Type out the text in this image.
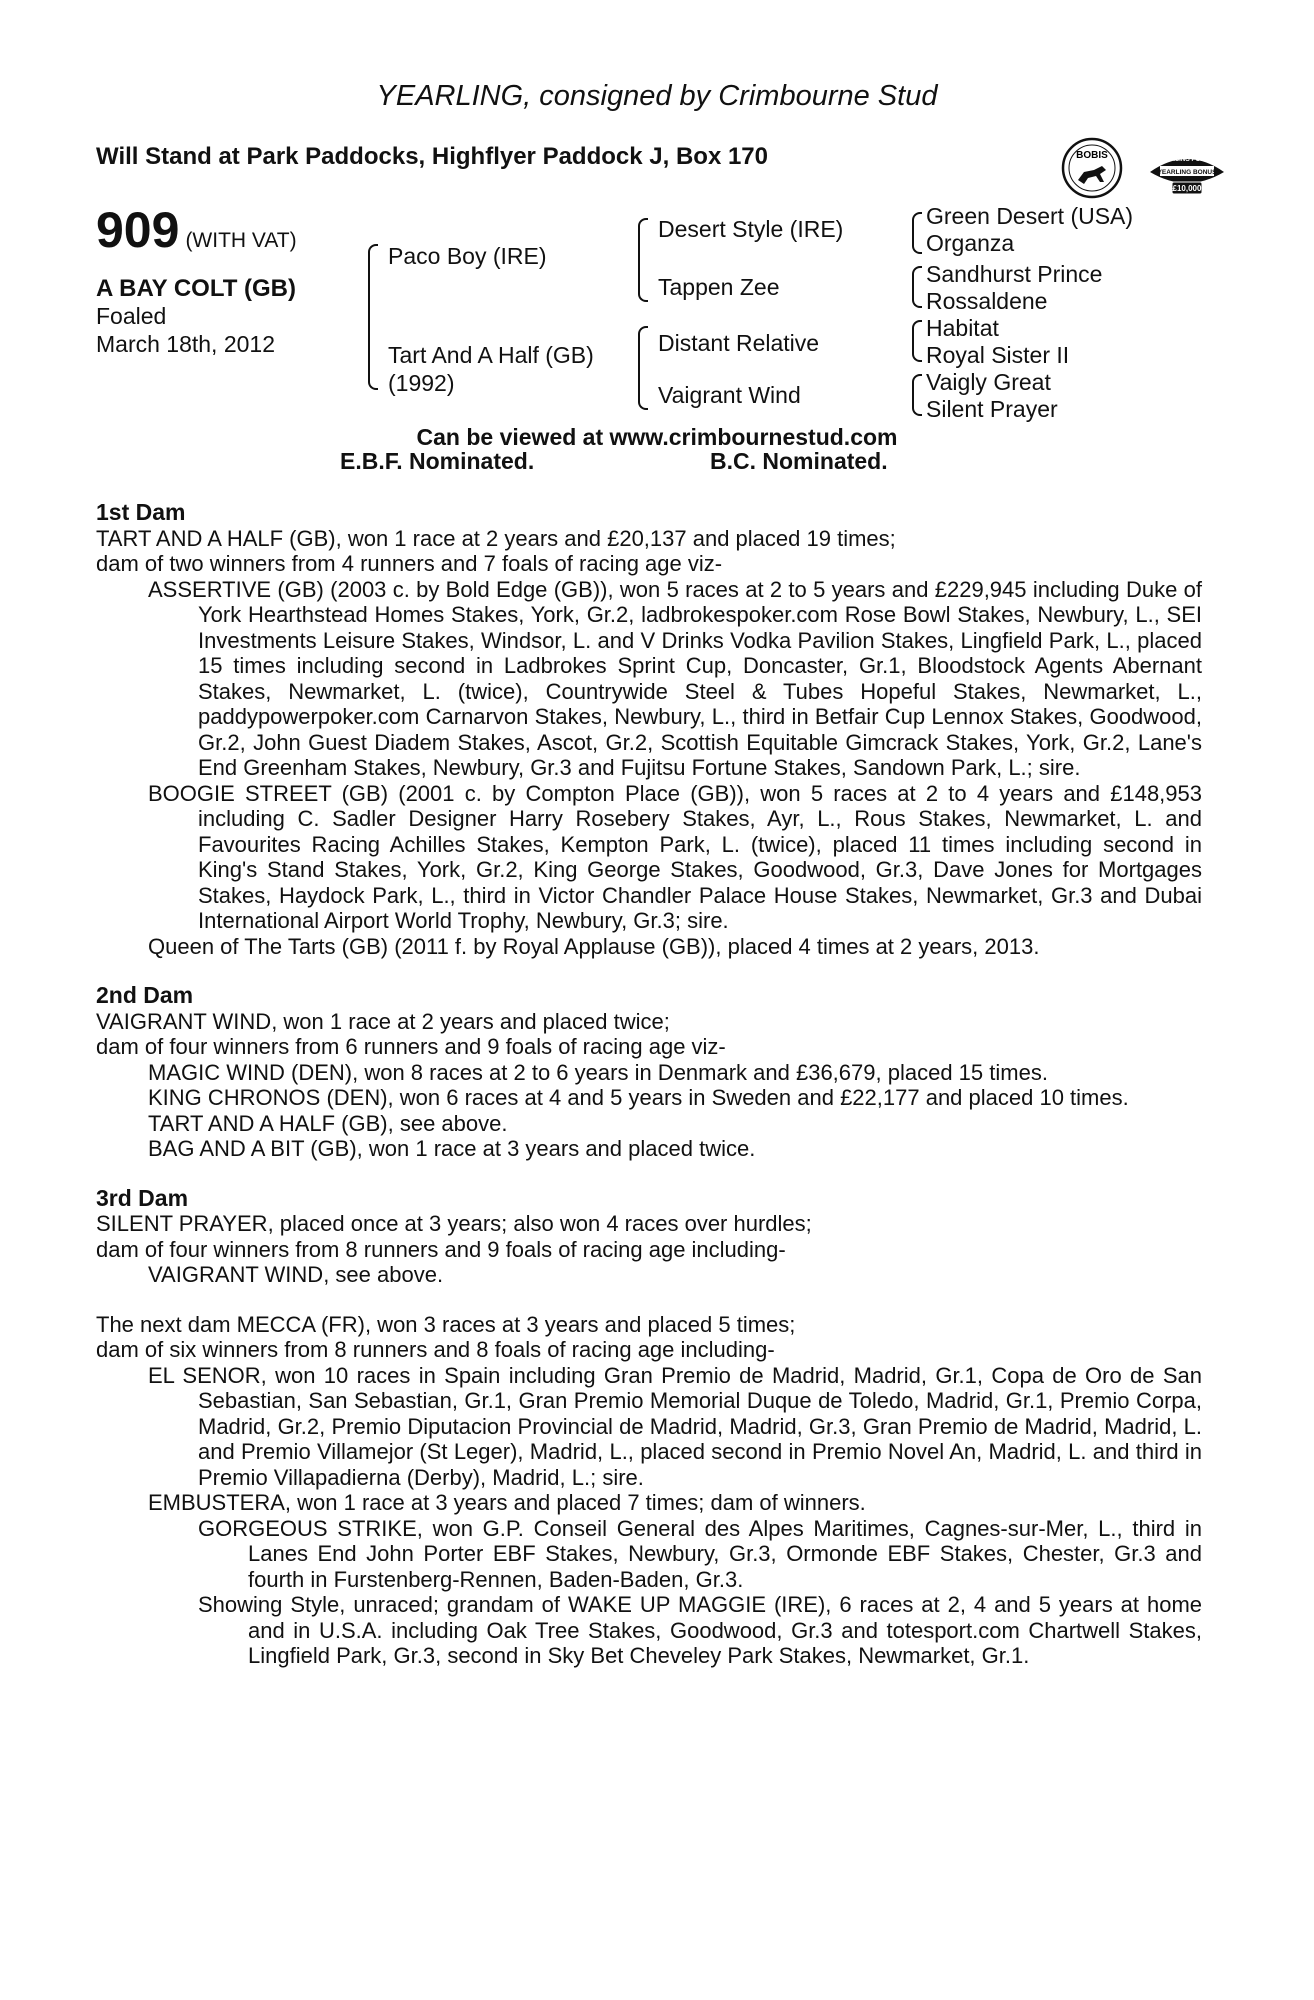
YEARLING, consigned by Crimbourne Stud
Will Stand at Park Paddocks, Highflyer Paddock J, Box 170	BOBIS	RACING POST
YEARLING BONUS
£10,000
909 (WITH VAT)
A BAY COLT (GB)
Foaled
March 18th, 2012
Paco Boy (IRE)
Tart And A Half (GB)
(1992)
Desert Style (IRE)
Tappen Zee
Distant Relative
Vaigrant Wind
Green Desert (USA)
Organza
Sandhurst Prince
Rossaldene
Habitat
Royal Sister II
Vaigly Great
Silent Prayer
Can be viewed at www.crimbournestud.com
E.B.F. Nominated.	B.C. Nominated.
1st Dam
TART AND A HALF (GB), won 1 race at 2 years and £20,137 and placed 19 times;
dam of two winners from 4 runners and 7 foals of racing age viz-
ASSERTIVE (GB) (2003 c. by Bold Edge (GB)), won 5 races at 2 to 5 years and £229,945 including Duke of York Hearthstead Homes Stakes, York, Gr.2, ladbrokespoker.com Rose Bowl Stakes, Newbury, L., SEI Investments Leisure Stakes, Windsor, L. and V Drinks Vodka Pavilion Stakes, Lingfield Park, L., placed 15 times including second in Ladbrokes Sprint Cup, Doncaster, Gr.1, Bloodstock Agents Abernant Stakes, Newmarket, L. (twice), Countrywide Steel & Tubes Hopeful Stakes, Newmarket, L., paddypowerpoker.com Carnarvon Stakes, Newbury, L., third in Betfair Cup Lennox Stakes, Goodwood, Gr.2, John Guest Diadem Stakes, Ascot, Gr.2, Scottish Equitable Gimcrack Stakes, York, Gr.2, Lane's End Greenham Stakes, Newbury, Gr.3 and Fujitsu Fortune Stakes, Sandown Park, L.; sire.
BOOGIE STREET (GB) (2001 c. by Compton Place (GB)), won 5 races at 2 to 4 years and £148,953 including C. Sadler Designer Harry Rosebery Stakes, Ayr, L., Rous Stakes, Newmarket, L. and Favourites Racing Achilles Stakes, Kempton Park, L. (twice), placed 11 times including second in King's Stand Stakes, York, Gr.2, King George Stakes, Goodwood, Gr.3, Dave Jones for Mortgages Stakes, Haydock Park, L., third in Victor Chandler Palace House Stakes, Newmarket, Gr.3 and Dubai International Airport World Trophy, Newbury, Gr.3; sire.
Queen of The Tarts (GB) (2011 f. by Royal Applause (GB)), placed 4 times at 2 years, 2013.
2nd Dam
VAIGRANT WIND, won 1 race at 2 years and placed twice;
dam of four winners from 6 runners and 9 foals of racing age viz-
MAGIC WIND (DEN), won 8 races at 2 to 6 years in Denmark and £36,679, placed 15 times.
KING CHRONOS (DEN), won 6 races at 4 and 5 years in Sweden and £22,177 and placed 10 times.
TART AND A HALF (GB), see above.
BAG AND A BIT (GB), won 1 race at 3 years and placed twice.
3rd Dam
SILENT PRAYER, placed once at 3 years; also won 4 races over hurdles;
dam of four winners from 8 runners and 9 foals of racing age including-
VAIGRANT WIND, see above.
The next dam MECCA (FR), won 3 races at 3 years and placed 5 times;
dam of six winners from 8 runners and 8 foals of racing age including-
EL SENOR, won 10 races in Spain including Gran Premio de Madrid, Madrid, Gr.1, Copa de Oro de San Sebastian, San Sebastian, Gr.1, Gran Premio Memorial Duque de Toledo, Madrid, Gr.1, Premio Corpa, Madrid, Gr.2, Premio Diputacion Provincial de Madrid, Madrid, Gr.3, Gran Premio de Madrid, Madrid, L. and Premio Villamejor (St Leger), Madrid, L., placed second in Premio Novel An, Madrid, L. and third in Premio Villapadierna (Derby), Madrid, L.; sire.
EMBUSTERA, won 1 race at 3 years and placed 7 times; dam of winners.
GORGEOUS STRIKE, won G.P. Conseil General des Alpes Maritimes, Cagnes-sur-Mer, L., third in Lanes End John Porter EBF Stakes, Newbury, Gr.3, Ormonde EBF Stakes, Chester, Gr.3 and fourth in Furstenberg-Rennen, Baden-Baden, Gr.3.
Showing Style, unraced; grandam of WAKE UP MAGGIE (IRE), 6 races at 2, 4 and 5 years at home and in U.S.A. including Oak Tree Stakes, Goodwood, Gr.3 and totesport.com Chartwell Stakes, Lingfield Park, Gr.3, second in Sky Bet Cheveley Park Stakes, Newmarket, Gr.1.
